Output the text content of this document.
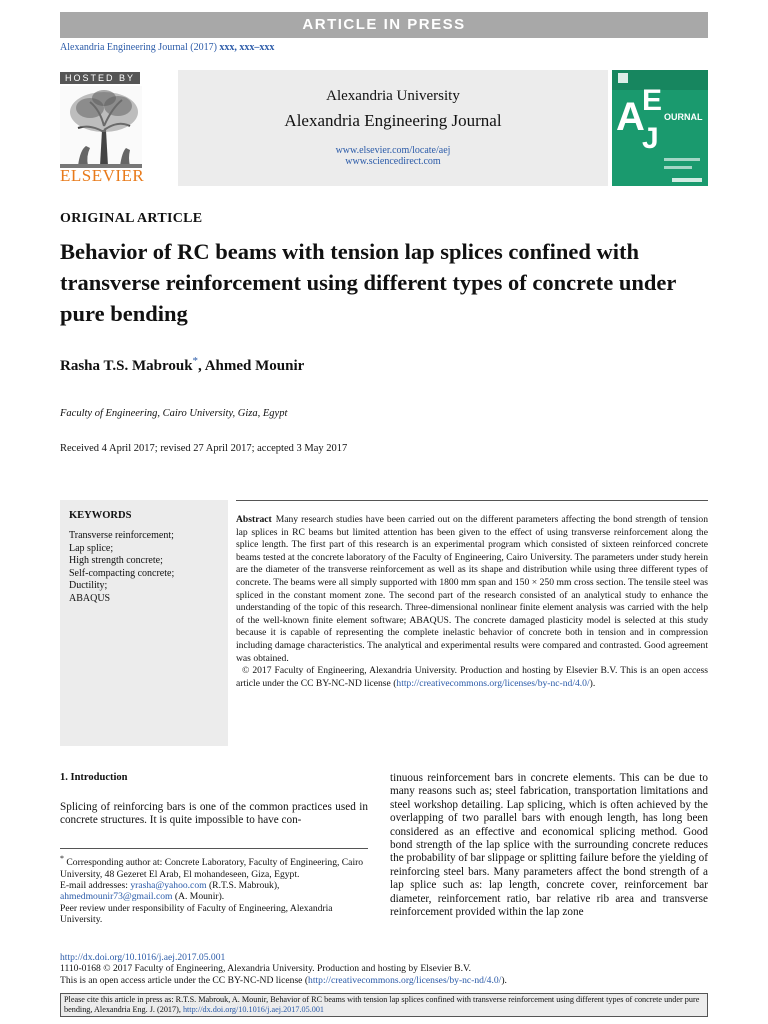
ARTICLE IN PRESS
Alexandria Engineering Journal (2017) xxx, xxx–xxx
HOSTED BY
ELSEVIER
Alexandria University
Alexandria Engineering Journal
www.elsevier.com/locate/aej
www.sciencedirect.com
A
E
J
OURNAL
ORIGINAL ARTICLE
Behavior of RC beams with tension lap splices confined with transverse reinforcement using different types of concrete under pure bending
Rasha T.S. Mabrouk*, Ahmed Mounir
Faculty of Engineering, Cairo University, Giza, Egypt
Received 4 April 2017; revised 27 April 2017; accepted 3 May 2017
KEYWORDS
Transverse reinforcement;
Lap splice;
High strength concrete;
Self-compacting concrete;
Ductility;
ABAQUS

Abstract Many research studies have been carried out on the different parameters affecting the bond strength of tension lap splices in RC beams but limited attention has been given to the effect of using transverse reinforcement along the splice length. The first part of this research is an experimental program which consisted of sixteen reinforced concrete beams tested at the concrete laboratory of the Faculty of Engineering, Cairo University. The parameters under study herein are the diameter of the transverse reinforcement as well as its shape and distribution while using three different types of concrete. The beams were all simply supported with 1800 mm span and 150 × 250 mm cross section. The tensile steel was spliced in the constant moment zone. The second part of the research consisted of an analytical study to enhance the understanding of the topic of this research. Three-dimensional nonlinear finite element analysis was carried with the help of the well-known finite element software; ABAQUS. The concrete damaged plasticity model is selected at this study because it is capable of representing the complete inelastic behavior of concrete both in tension and in compression including damage characteristics. The analytical and experimental results were compared and contrasted. Good agreement was obtained.

© 2017 Faculty of Engineering, Alexandria University. Production and hosting by Elsevier B.V. This is an open access article under the CC BY-NC-ND license (http://creativecommons.org/licenses/by-nc-nd/4.0/).

1. Introduction

Splicing of reinforcing bars is one of the common practices used in concrete structures. It is quite impossible to have con-

* Corresponding author at: Concrete Laboratory, Faculty of Engineering, Cairo University, 48 Gezeret El Arab, El mohandeseen, Giza, Egypt.

E-mail addresses: yrasha@yahoo.com (R.T.S. Mabrouk), ahmedmounir73@gmail.com (A. Mounir).

Peer review under responsibility of Faculty of Engineering, Alexandria University.

tinuous reinforcement bars in concrete elements. This can be due to many reasons such as; steel fabrication, transportation limitations and steel workshop detailing. Lap splicing, which is often achieved by the overlapping of two parallel bars with enough length, has long been considered as an effective and economical splicing method. Good bond strength of the lap splice with the surrounding concrete reduces the probability of bar slippage or splitting failure before the yielding of reinforcing steel bars. Many parameters affect the bond strength of a lap splice such as: lap length, concrete cover, reinforcement bar diameter, reinforcement ratio, bar relative rib area and transverse reinforcement provided within the lap zone
http://dx.doi.org/10.1016/j.aej.2017.05.001
1110-0168 © 2017 Faculty of Engineering, Alexandria University. Production and hosting by Elsevier B.V.
This is an open access article under the CC BY-NC-ND license (http://creativecommons.org/licenses/by-nc-nd/4.0/).
Please cite this article in press as: R.T.S. Mabrouk, A. Mounir, Behavior of RC beams with tension lap splices confined with transverse reinforcement using different types of concrete under pure bending, Alexandria Eng. J. (2017), http://dx.doi.org/10.1016/j.aej.2017.05.001
